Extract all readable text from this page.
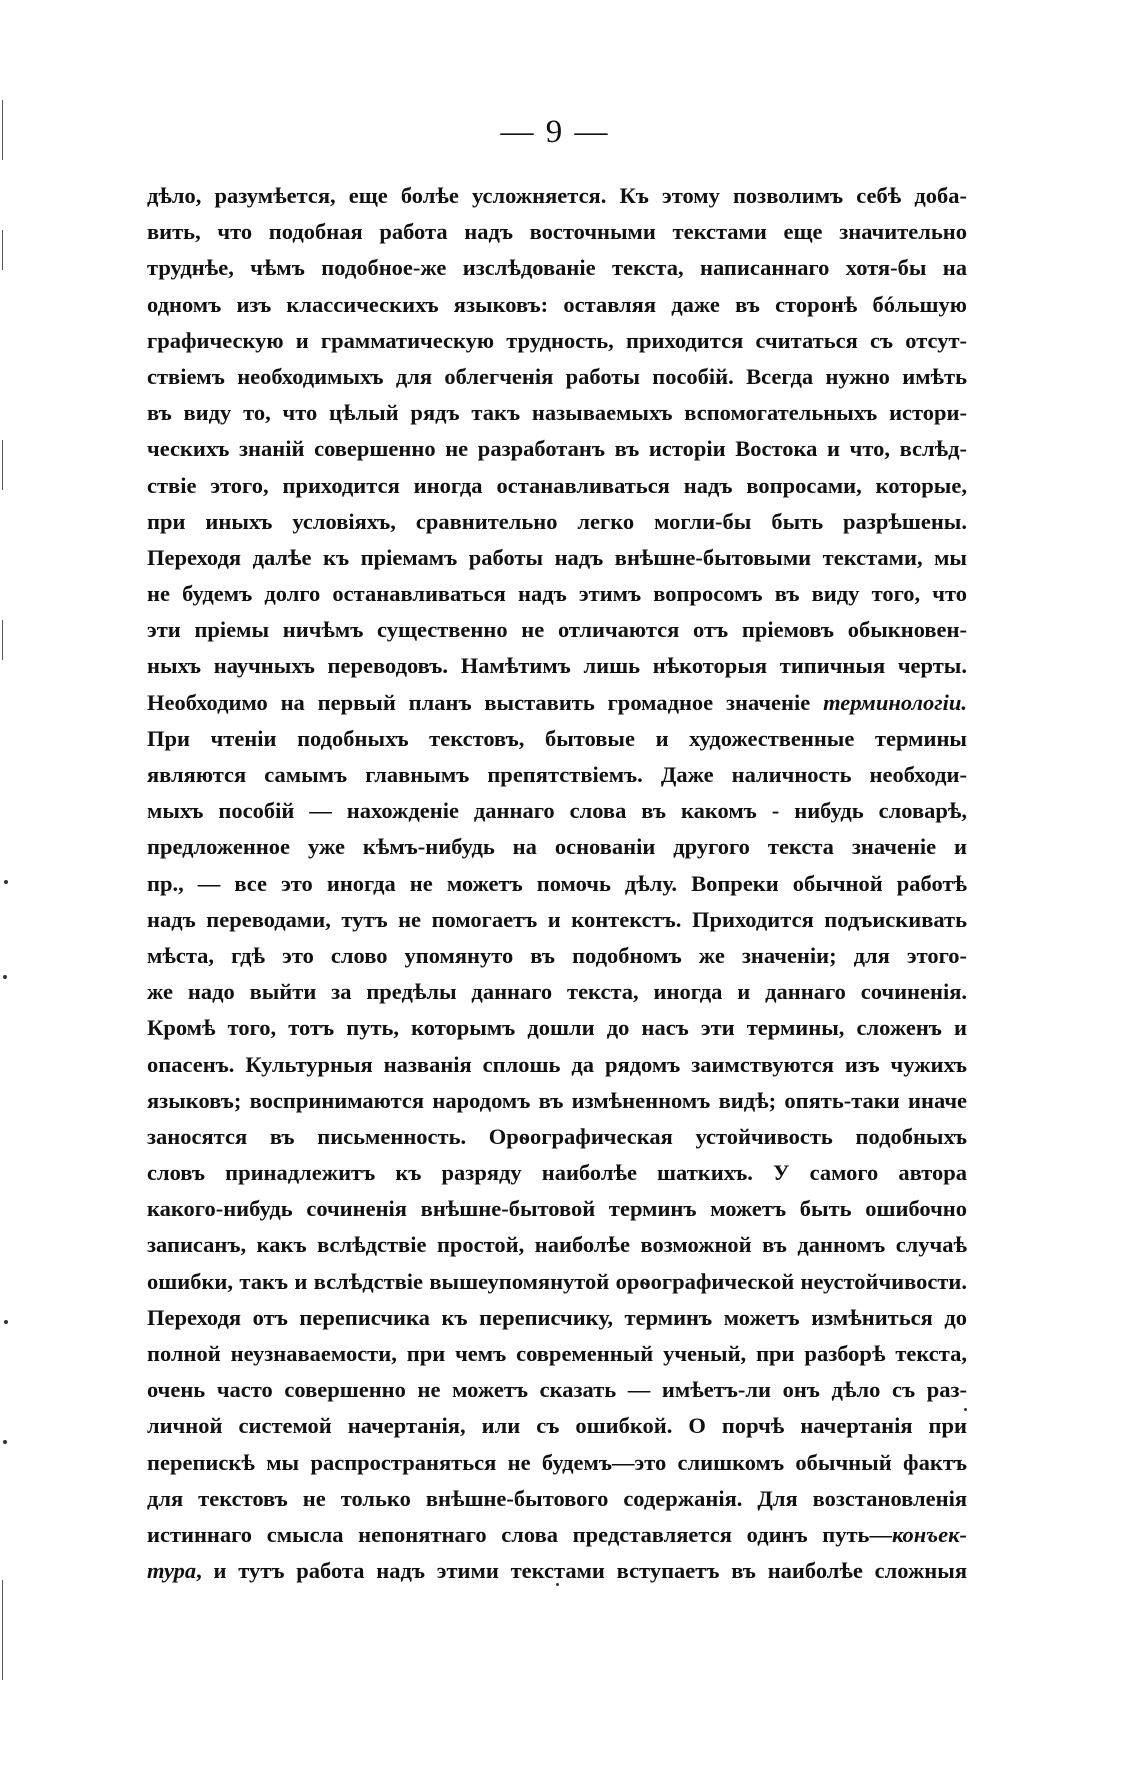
— 9 —
дѣло, разумѣется, еще болѣе усложняется. Къ этому позволимъ себѣ доба-
вить, что подобная работа надъ восточными текстами еще значительно
труднѣе, чѣмъ подобное-же изслѣдованіе текста, написаннаго хотя-бы на
одномъ изъ классическихъ языковъ: оставляя даже въ сторонѣ бóльшую
графическую и грамматическую трудность, приходится считаться съ отсут-
ствіемъ необходимыхъ для облегченія работы пособій. Всегда нужно имѣть
въ виду то, что цѣлый рядъ такъ называемыхъ вспомогательныхъ истори-
ческихъ знаній совершенно не разработанъ въ исторіи Востока и что, вслѣд-
ствіе этого, приходится иногда останавливаться надъ вопросами, которые,
при иныхъ условіяхъ, сравнительно легко могли-бы быть разрѣшены.
Переходя далѣе къ пріемамъ работы надъ внѣшне-бытовыми текстами, мы
не будемъ долго останавливаться надъ этимъ вопросомъ въ виду того, что
эти пріемы ничѣмъ существенно не отличаются отъ пріемовъ обыкновен-
ныхъ научныхъ переводовъ. Намѣтимъ лишь нѣкоторыя типичныя черты.
Необходимо на первый планъ выставить громадное значеніе терминологіи.
При чтеніи подобныхъ текстовъ, бытовые и художественные термины
являются самымъ главнымъ препятствіемъ. Даже наличность необходи-
мыхъ пособій — нахожденіе даннаго слова въ какомъ - нибудь словарѣ,
предложенное уже кѣмъ-нибудь на основаніи другого текста значеніе и
пр., — все это иногда не можетъ помочь дѣлу. Вопреки обычной работѣ
надъ переводами, тутъ не помогаетъ и контекстъ. Приходится подъискивать
мѣста, гдѣ это слово упомянуто въ подобномъ же значеніи; для этого-
же надо выйти за предѣлы даннаго текста, иногда и даннаго сочиненія.
Кромѣ того, тотъ путь, которымъ дошли до насъ эти термины, сложенъ и
опасенъ. Культурныя названія сплошь да рядомъ заимствуются изъ чужихъ
языковъ; воспринимаются народомъ въ измѣненномъ видѣ; опять-таки иначе
заносятся въ письменность. Орѳографическая устойчивость подобныхъ
словъ принадлежитъ къ разряду наиболѣе шаткихъ. У самого автора
какого-нибудь сочиненія внѣшне-бытовой терминъ можетъ быть ошибочно
записанъ, какъ вслѣдствіе простой, наиболѣе возможной въ данномъ случаѣ
ошибки, такъ и вслѣдствіе вышеупомянутой орѳографической неустойчивости.
Переходя отъ переписчика къ переписчику, терминъ можетъ измѣниться до
полной неузнаваемости, при чемъ современный ученый, при разборѣ текста,
очень часто совершенно не можетъ сказать — имѣетъ-ли онъ дѣло съ раз-
личной системой начертанія, или съ ошибкой. О порчѣ начертанія при
перепискѣ мы распространяться не будемъ—это слишкомъ обычный фактъ
для текстовъ не только внѣшне-бытового содержанія. Для возстановленія
истиннаго смысла непонятнаго слова представляется одинъ путь—конъек-
тура, и тутъ работа надъ этими текстами вступаетъ въ наиболѣе сложныя
